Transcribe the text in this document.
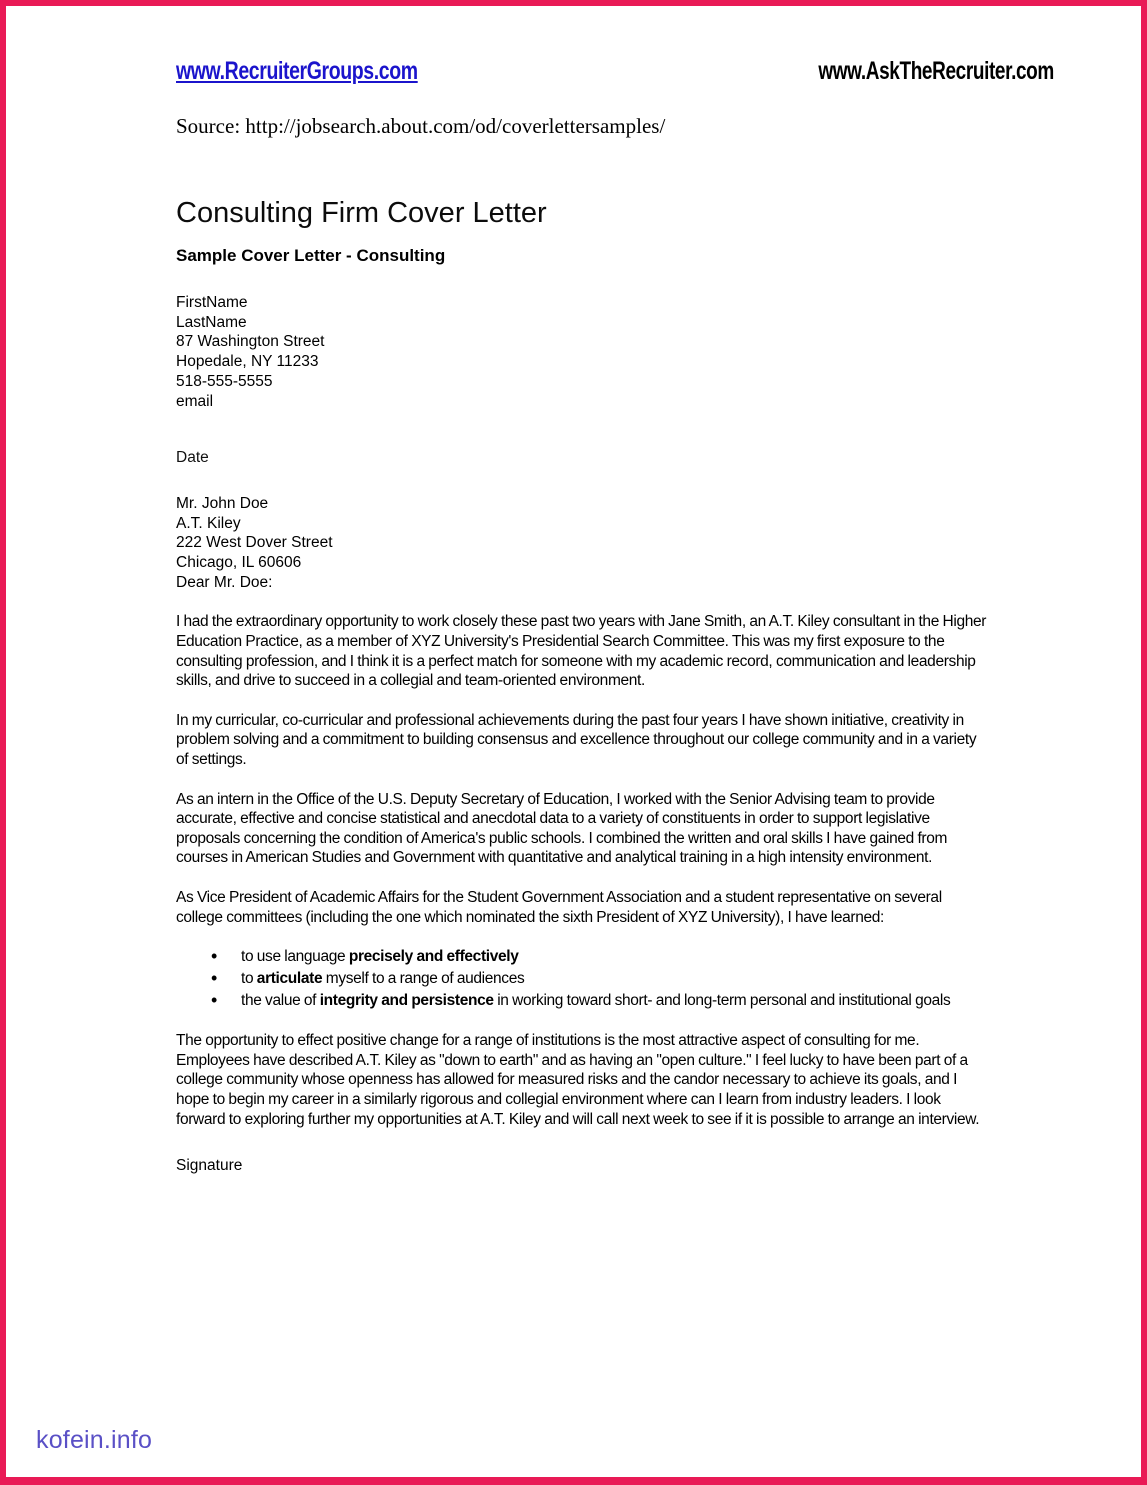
www.RecruiterGroups.com	www.AskTheRecruiter.com
Source: http://jobsearch.about.com/od/coverlettersamples/
Consulting Firm Cover Letter
Sample Cover Letter - Consulting
FirstName
LastName
87 Washington Street
Hopedale, NY 11233
518-555-5555
email
Date
Mr. John Doe
A.T. Kiley
222 West Dover Street
Chicago, IL 60606
Dear Mr. Doe:

I had the extraordinary opportunity to work closely these past two years with Jane Smith, an A.T. Kiley consultant in the Higher Education Practice, as a member of XYZ University's Presidential Search Committee. This was my first exposure to the consulting profession, and I think it is a perfect match for someone with my academic record, communication and leadership skills, and drive to succeed in a collegial and team-oriented environment.

In my curricular, co-curricular and professional achievements during the past four years I have shown initiative, creativity in problem solving and a commitment to building consensus and excellence throughout our college community and in a variety of settings.

As an intern in the Office of the U.S. Deputy Secretary of Education, I worked with the Senior Advising team to provide accurate, effective and concise statistical and anecdotal data to a variety of constituents in order to support legislative proposals concerning the condition of America's public schools. I combined the written and oral skills I have gained from courses in American Studies and Government with quantitative and analytical training in a high intensity environment.

As Vice President of Academic Affairs for the Student Government Association and a student representative on several college committees (including the one which nominated the sixth President of XYZ University), I have learned:

• to use language precisely and effectively
• to articulate myself to a range of audiences
• the value of integrity and persistence in working toward short- and long-term personal and institutional goals

The opportunity to effect positive change for a range of institutions is the most attractive aspect of consulting for me. Employees have described A.T. Kiley as "down to earth" and as having an "open culture." I feel lucky to have been part of a college community whose openness has allowed for measured risks and the candor necessary to achieve its goals, and I hope to begin my career in a similarly rigorous and collegial environment where can I learn from industry leaders. I look forward to exploring further my opportunities at A.T. Kiley and will call next week to see if it is possible to arrange an interview.

Signature
kofein.info
